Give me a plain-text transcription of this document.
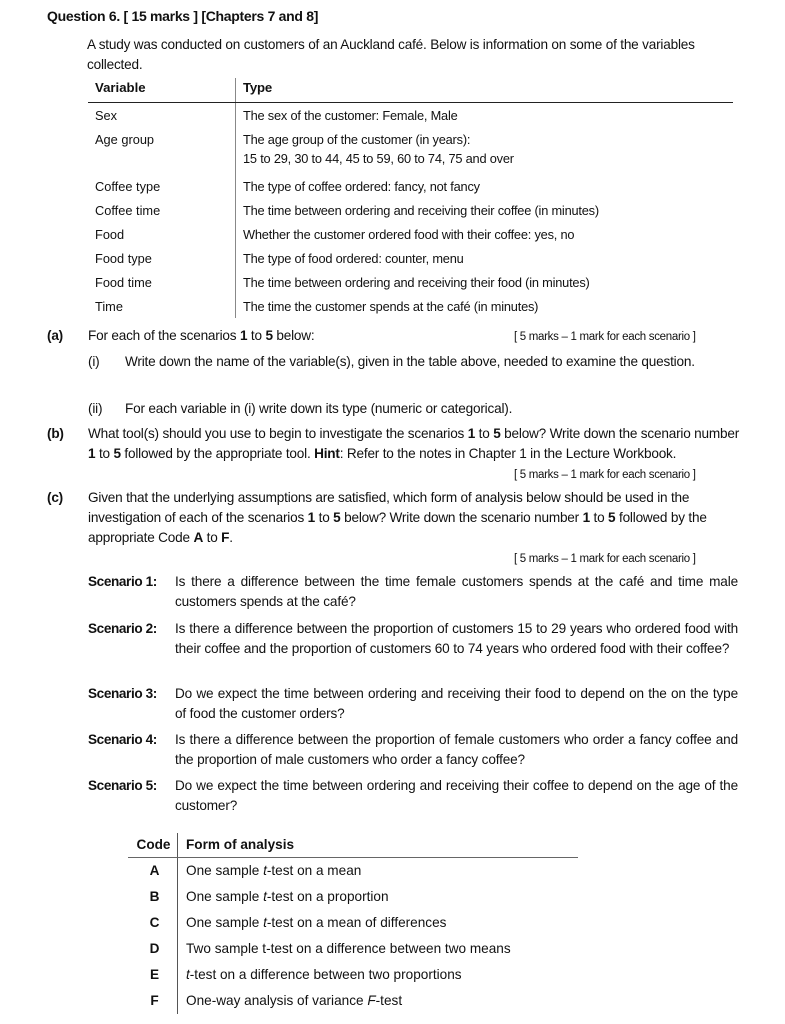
Question 6. [ 15 marks ] [Chapters 7 and 8]
A study was conducted on customers of an Auckland café. Below is information on some of the variables collected.
Variable	Type
Sex	The sex of the customer: Female, Male
Age group	The age group of the customer (in years):
15 to 29, 30 to 44, 45 to 59, 60 to 74, 75 and over
Coffee type	The type of coffee ordered: fancy, not fancy
Coffee time	The time between ordering and receiving their coffee (in minutes)
Food	Whether the customer ordered food with their coffee: yes, no
Food type	The type of food ordered: counter, menu
Food time	The time between ordering and receiving their food (in minutes)
Time	The time the customer spends at the café (in minutes)
(a) For each of the scenarios 1 to 5 below:	[ 5 marks – 1 mark for each scenario ]
(i) Write down the name of the variable(s), given in the table above, needed to examine the question.
(ii) For each variable in (i) write down its type (numeric or categorical).
(b) What tool(s) should you use to begin to investigate the scenarios 1 to 5 below? Write down the scenario number 1 to 5 followed by the appropriate tool. Hint: Refer to the notes in Chapter 1 in the Lecture Workbook.
[ 5 marks – 1 mark for each scenario ]
(c) Given that the underlying assumptions are satisfied, which form of analysis below should be used in the investigation of each of the scenarios 1 to 5 below? Write down the scenario number 1 to 5 followed by the appropriate Code A to F.
[ 5 marks – 1 mark for each scenario ]
Scenario 1: Is there a difference between the time female customers spends at the café and time male customers spends at the café?
Scenario 2: Is there a difference between the proportion of customers 15 to 29 years who ordered food with their coffee and the proportion of customers 60 to 74 years who ordered food with their coffee?
Scenario 3: Do we expect the time between ordering and receiving their food to depend on the on the type of food the customer orders?
Scenario 4: Is there a difference between the proportion of female customers who order a fancy coffee and the proportion of male customers who order a fancy coffee?
Scenario 5: Do we expect the time between ordering and receiving their coffee to depend on the age of the customer?
Code	Form of analysis
A	One sample t-test on a mean
B	One sample t-test on a proportion
C	One sample t-test on a mean of differences
D	Two sample t-test on a difference between two means
E	t-test on a difference between two proportions
F	One-way analysis of variance F-test
